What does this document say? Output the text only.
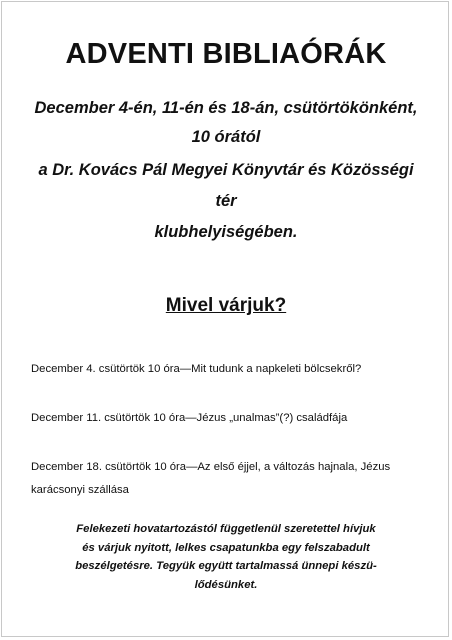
ADVENTI BIBLIAÓRÁK
December 4-én, 11-én és 18-án, csütörtökönként,
10 órától
a Dr. Kovács Pál Megyei Könyvtár és Közösségi
tér
klubhelyiségében.
Mivel várjuk?
December 4. csütörtök 10 óra—Mit tudunk a napkeleti bölcsekről?
December 11. csütörtök 10 óra—Jézus „unalmas”(?) családfája
December 18. csütörtök 10 óra—Az első éjjel, a változás hajnala, Jézus karácsonyi szállása
Felekezeti hovatartozástól függetlenül szeretettel hívjuk
és várjuk nyitott, lelkes csapatunkba egy felszabadult
beszélgetésre. Tegyük együtt tartalmassá ünnepi készü-
lődésünket.
